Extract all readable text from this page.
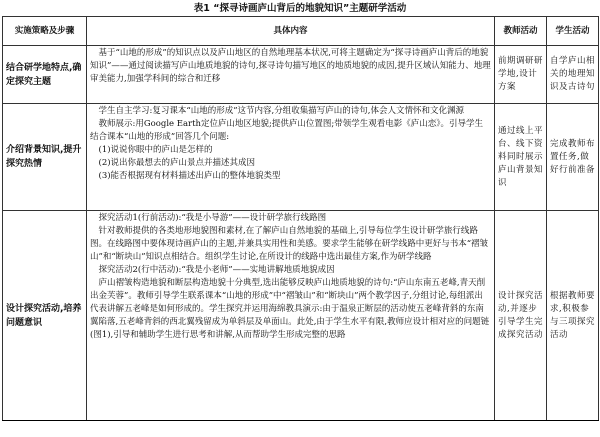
表1 “探寻诗画庐山背后的地貌知识”主题研学活动
实施策略及步骤	具体内容	教师活动	学生活动
结合研学地特点,确定探究主题	基于“山地的形成”的知识点以及庐山地区的自然地理基本状况,可将主题确定为“探寻诗画庐山背后的地貌知识”——通过阅读描写庐山地质地貌的诗句,探寻诗句描写地区的地质地貌的成因,提升区域认知能力、地理审美能力,加强学科间的综合和迁移	前期调研研学地,设计方案	自学庐山相关的地理知识及古诗句
介绍背景知识,提升探究热情	学生自主学习:复习课本“山地的形成”这节内容,分组收集描写庐山的诗句,体会人文情怀和文化渊源

教师展示:用Google Earth定位庐山地区地貌;提供庐山位置图;带领学生观看电影《庐山恋》。引导学生结合课本“山地的形成”回答几个问题:

(1)说说你眼中的庐山是怎样的

(2)说出你最想去的庐山景点并描述其成因

(3)能否根据现有材料描述出庐山的整体地貌类型	通过线上平台、线下资料同时展示庐山背景知识	完成教师布置任务,做好行前准备
设计探究活动,培养问题意识	探究活动1(行前活动):“我是小导游”——设计研学旅行线路图

针对教师提供的各类地形地貌图和素材,在了解庐山自然地貌的基础上,引导每位学生设计研学旅行线路图。在线路图中要体现诗画庐山的主题,并兼具实用性和美感。要求学生能够在研学线路中更好与书本“褶皱山”和“断块山”知识点相结合。组织学生讨论,在所设计的线路中选出最佳方案,作为研学线路

探究活动2(行中活动):“我是小老师”——实地讲解地质地貌成因

庐山褶皱构造地貌和断层构造地貌十分典型,选出能够反映庐山地质地貌的诗句:“庐山东南五老峰,青天削出金芙蓉”。教师引导学生联系课本“山地的形成”中“褶皱山”和“断块山”两个教学因子,分组讨论,每组派出代表讲解五老峰是如何形成的。学生探究并运用海绵教具演示:由于温泉正断层的活动使五老峰背斜的东南翼陷落,五老峰背斜的西北翼残留成为单斜层及单面山。此处,由于学生水平有限,教师应设计相对应的问题链(图1),引导和辅助学生进行思考和讲解,从而帮助学生形成完整的思路	设计探究活动,并逐步引导学生完成探究活动	根据教师要求,积极参与三项探究活动
